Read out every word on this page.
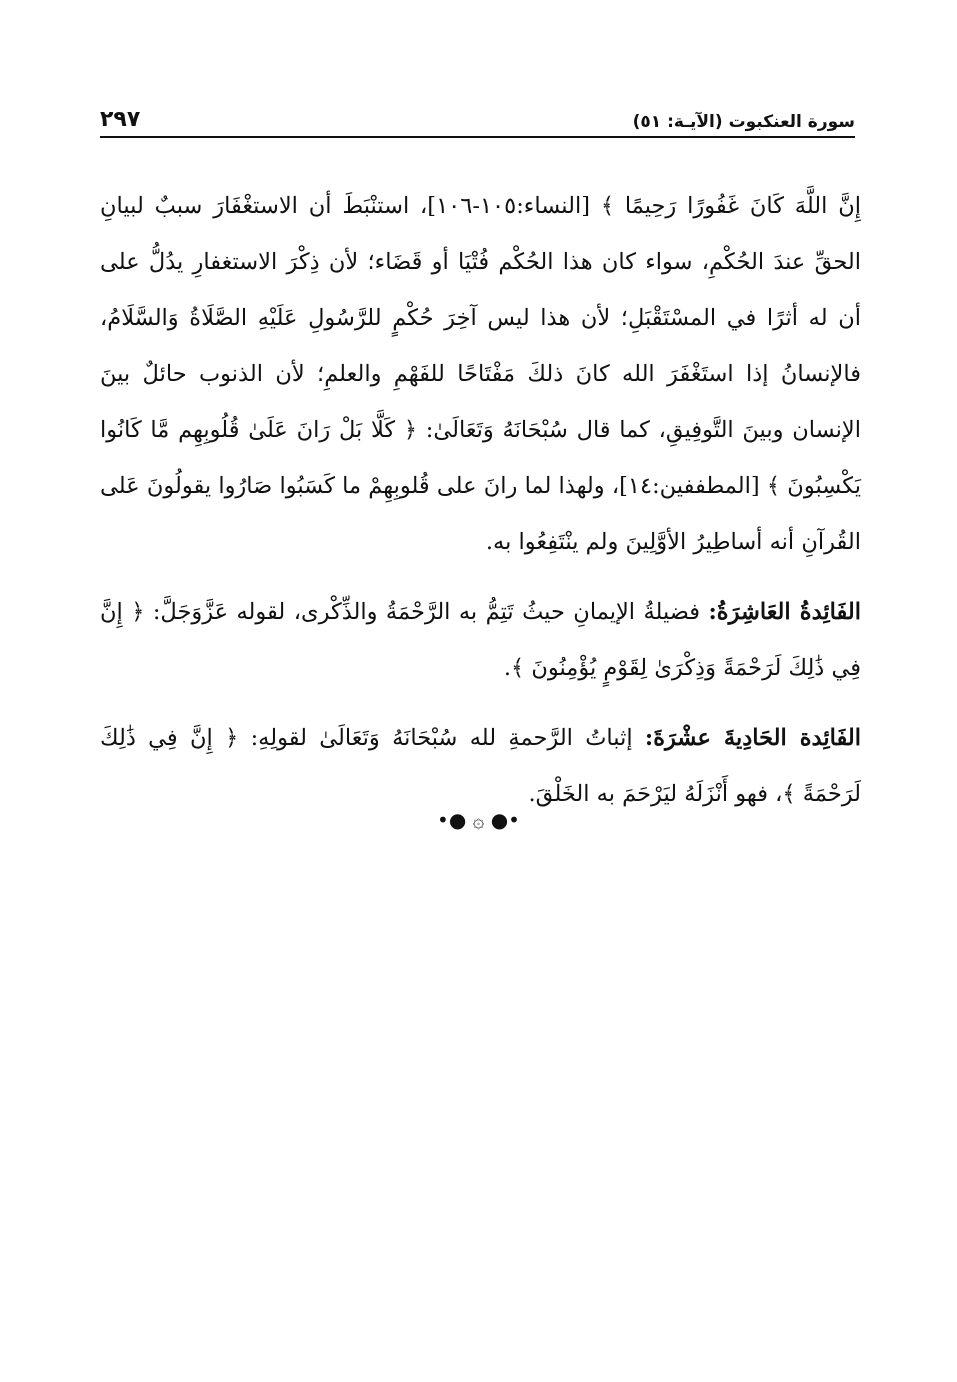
سورة العنكبوت (الآيـة: ٥١)
٢٩٧

إِنَّ اللَّهَ كَانَ غَفُورًا رَحِيمًا ﴾ [النساء:١٠٥-١٠٦]، استنْبَطَ أن الاستغْفَارَ سببٌ لبيانِ الحقِّ عندَ الحُكْمِ، سواء كان هذا الحُكْم فُتْيَا أو قَضَاء؛ لأن ذِكْرَ الاستغفارِ يدُلُّ على أن له أثرًا في المسْتَقْبَلِ؛ لأن هذا ليس آخِرَ حُكْمٍ للرَّسُولِ عَلَيْهِ الصَّلَاةُ وَالسَّلَامُ، فالإنسانُ إذا استَغْفَرَ الله كانَ ذلكَ مَفْتَاحًا للفَهْمِ والعلمِ؛ لأن الذنوب حائلٌ بينَ الإنسان وبينَ التَّوفِيقِ، كما قال سُبْحَانَهُ وَتَعَالَىٰ: ﴿ كَلَّا بَلْ رَانَ عَلَىٰ قُلُوبِهِم مَّا كَانُوا يَكْسِبُونَ ﴾ [المطففين:١٤]، ولهذا لما رانَ على قُلوبِهِمْ ما كَسَبُوا صَارُوا يقولُونَ عَلى القُرآنِ أنه أساطِيرُ الأوَّلِينَ ولم ينْتَفِعُوا به.

الفَائِدةُ العَاشِرَةُ: فضيلةُ الإيمانِ حيثُ تَتِمُّ به الرَّحْمَةُ والذِّكْرى، لقوله عَزَّوَجَلَّ: ﴿ إِنَّ فِي ذَٰلِكَ لَرَحْمَةً وَذِكْرَىٰ لِقَوْمٍ يُؤْمِنُونَ ﴾.

الفَائِدة الحَادِيةَ عشْرَةَ: إثباتُ الرَّحمةِ لله سُبْحَانَهُ وَتَعَالَىٰ لقولِهِ: ﴿ إِنَّ فِي ذَٰلِكَ لَرَحْمَةً ﴾، فهو أَنْزَلَهُ ليَرْحَمَ به الخَلْقَ.

•● ۞ ●•
